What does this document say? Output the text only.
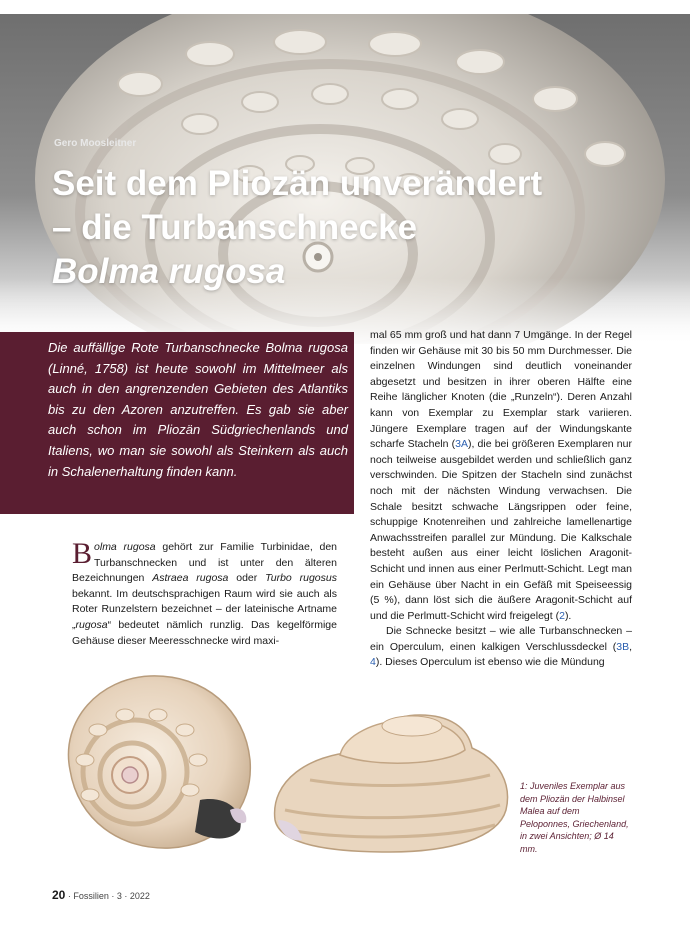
Gero Moosleitner
Seit dem Pliozän unverändert
– die Turbanschnecke
Bolma rugosa

Die auffällige Rote Turbanschnecke Bolma rugosa (Linné, 1758) ist heute sowohl im Mittelmeer als auch in den angrenzenden Gebieten des Atlantiks bis zu den Azoren anzutreffen. Es gab sie aber auch schon im Pliozän Südgriechenlands und Italiens, wo man sie sowohl als Steinkern als auch in Schalenerhaltung finden kann.

Bolma rugosa gehört zur Familie Turbinidae, den Turbanschnecken und ist unter den älteren Bezeichnungen Astraea rugosa oder Turbo rugosus bekannt. Im deutschsprachigen Raum wird sie auch als Roter Runzelstern bezeichnet – der lateinische Artname „rugosa“ bedeutet nämlich runzlig. Das kegelförmige Gehäuse dieser Meeresschnecke wird maxi-

mal 65 mm groß und hat dann 7 Umgänge. In der Regel finden wir Gehäuse mit 30 bis 50 mm Durchmesser. Die einzelnen Windungen sind deutlich voneinander abgesetzt und besitzen in ihrer oberen Hälfte eine Reihe länglicher Knoten (die „Runzeln“). Deren Anzahl kann von Exemplar zu Exemplar stark variieren. Jüngere Exemplare tragen auf der Windungskante scharfe Stacheln (3A), die bei größeren Exemplaren nur noch teilweise ausgebildet werden und schließlich ganz verschwinden. Die Spitzen der Stacheln sind zunächst noch mit der nächsten Windung verwachsen. Die Schale besitzt schwache Längsrippen oder feine, schuppige Knotenreihen und zahlreiche lamellenartige Anwachsstreifen parallel zur Mündung. Die Kalkschale besteht außen aus einer leicht löslichen Aragonit-Schicht und innen aus einer Perlmutt-Schicht. Legt man ein Gehäuse über Nacht in ein Gefäß mit Speiseessig (5 %), dann löst sich die äußere Aragonit-Schicht auf und die Perlmutt-Schicht wird freigelegt (2).

Die Schnecke besitzt – wie alle Turbanschnecken – ein Operculum, einen kalkigen Verschlussdeckel (3B, 4). Dieses Operculum ist ebenso wie die Mündung

1: Juveniles Exemplar aus dem Pliozän der Halbinsel Malea auf dem Peloponnes, Griechenland, in zwei Ansichten; Ø 14 mm.
20 · Fossilien · 3 · 2022
